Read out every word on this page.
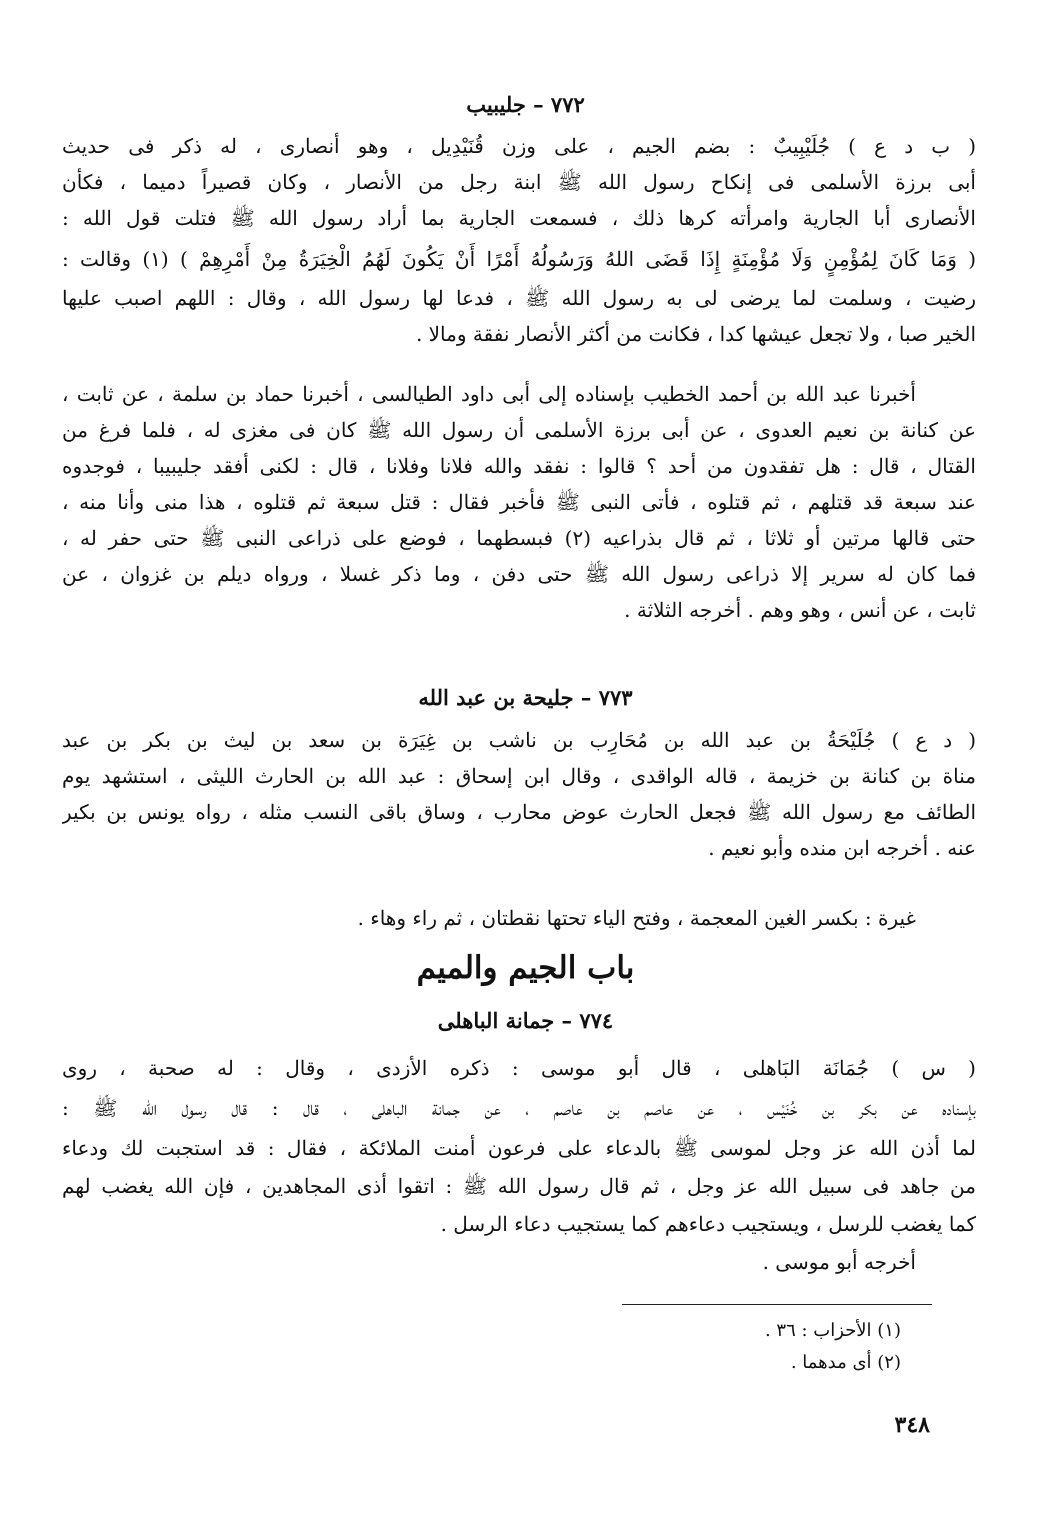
٧٧٢ – جليبيب
( ب د ع ) جُلَيْبِيبٌ : بضم الجيم ، على وزن قُنَيْدِيل ، وهو أنصارى ، له ذكر فى حديث
أبى برزة الأسلمى فى إنكاح رسول الله ﷺ ابنة رجل من الأنصار ، وكان قصيراً دميما ، فكأن
الأنصارى أبا الجارية وامرأته كرها ذلك ، فسمعت الجارية بما أراد رسول الله ﷺ فتلت قول الله :
( وَمَا كَانَ لِمُؤْمِنٍ وَلَا مُؤْمِنَةٍ إِذَا قَضَى اللهُ وَرَسُولُهُ أَمْرًا أَنْ يَكُونَ لَهُمُ الْخِيَرَةُ مِنْ أَمْرِهِمْ ) (١) وقالت :
رضيت ، وسلمت لما يرضى لى به رسول الله ﷺ ، فدعا لها رسول الله ، وقال : اللهم اصبب عليها
الخير صبا ، ولا تجعل عيشها كدا ، فكانت من أكثر الأنصار نفقة ومالا .
أخبرنا عبد الله بن أحمد الخطيب بإسناده إلى أبى داود الطيالسى ، أخبرنا حماد بن سلمة ، عن ثابت ،
عن كنانة بن نعيم العدوى ، عن أبى برزة الأسلمى أن رسول الله ﷺ كان فى مغزى له ، فلما فرغ من
القتال ، قال : هل تفقدون من أحد ؟ قالوا : نفقد والله فلانا وفلانا ، قال : لكنى أفقد جليبيبا ، فوجدوه
عند سبعة قد قتلهم ، ثم قتلوه ، فأتى النبى ﷺ فأخبر فقال : قتل سبعة ثم قتلوه ، هذا منى وأنا منه ،
حتى قالها مرتين أو ثلاثا ، ثم قال بذراعيه (٢) فبسطهما ، فوضع على ذراعى النبى ﷺ حتى حفر له ،
فما كان له سرير إلا ذراعى رسول الله ﷺ حتى دفن ، وما ذكر غسلا ، ورواه ديلم بن غزوان ، عن
ثابت ، عن أنس ، وهو وهم . أخرجه الثلاثة .
٧٧٣ – جليحة بن عبد الله
( د ع ) جُلَيْحَةُ بن عبد الله بن مُحَارِب بن ناشب بن غِيَرَة بن سعد بن ليث بن بكر بن عبد
مناة بن كنانة بن خزيمة ، قاله الواقدى ، وقال ابن إسحاق : عبد الله بن الحارث الليثى ، استشهد يوم
الطائف مع رسول الله ﷺ فجعل الحارث عوض محارب ، وساق باقى النسب مثله ، رواه يونس بن بكير
عنه . أخرجه ابن منده وأبو نعيم .
غيرة : بكسر الغين المعجمة ، وفتح الياء تحتها نقطتان ، ثم راء وهاء .
باب الجيم والميم
٧٧٤ – جمانة الباهلى
( س ) جُمَانَة البَاهلى ، قال أبو موسى : ذكره الأزدى ، وقال : له صحبة ، روى
بإسناده عن بكر بن خُنَيْس ، عن عاصم بن عاصم ، عن جمانة الباهلى ، قال : قال رسول الله ﷺ :
لما أذن الله عز وجل لموسى ﷺ بالدعاء على فرعون أمنت الملائكة ، فقال : قد استجبت لك ودعاء
من جاهد فى سبيل الله عز وجل ، ثم قال رسول الله ﷺ : اتقوا أذى المجاهدين ، فإن الله يغضب لهم
كما يغضب للرسل ، ويستجيب دعاءهم كما يستجيب دعاء الرسل .
أخرجه أبو موسى .
(١) الأحزاب : ٣٦ .
(٢) أى مدهما .
٣٤٨
